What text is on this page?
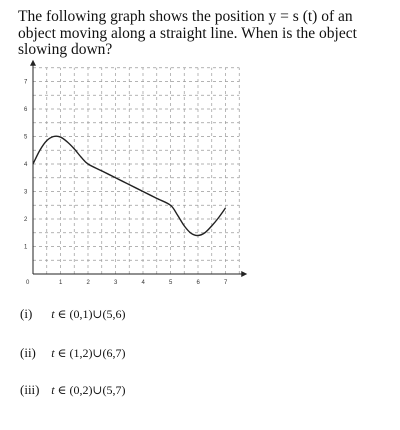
The following graph shows the position y = s (t) of an object moving along a straight line. When is the object slowing down?

0	1	2	3	4	5	6	7
1
2
3
4
5
6
7
(i) t ∈ (0,1)∪(5,6)
(ii) t ∈ (1,2)∪(6,7)
(iii) t ∈ (0,2)∪(5,7)
